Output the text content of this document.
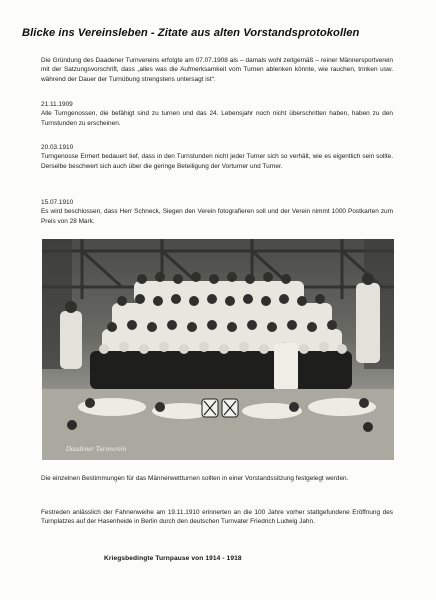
Blicke ins Vereinsleben - Zitate aus alten Vorstandsprotokollen
Die Gründung des Daadener Turnvereins erfolgte am 07.07.1908 als – damals wohl zeitgemäß – reiner Männersportverein mit der Satzungsvorschrift, dass „alles was die Aufmerksamkeit vom Turnen ablenken könnte, wie rauchen, trinken usw. während der Dauer der Turnübung strengstens untersagt ist“.
21.11.1909
Alle Turngenossen, die befähigt sind zu turnen und das 24. Lebensjahr noch nicht überschritten haben, haben zu den Turnstunden zu erscheinen.
20.03.1910
Turngenosse Ermert bedauert tief, dass in den Turnstunden nicht jeder Turner sich so verhält, wie es eigentlich sein sollte. Derselbe beschwert sich auch über die geringe Beteiligung der Vorturner und Turner.
15.07.1910
Es wird beschlossen, dass Herr Schneck, Siegen den Verein fotografieren soll und der Verein nimmt 1000 Postkarten zum Preis von 28 Mark.
Daadener Turnverein
Die einzelnen Bestimmungen für das Männerwettturnen sollten in einer Vorstandssitzung festgelegt werden.
Festreden anlässlich der Fahnenweihe am 19.11.1910 erinnerten an die 100 Jahre vorher stattgefundene Eröffnung des Turnplatzes auf der Hasenheide in Berlin durch den deutschen Turnvater Friedrich Ludwig Jahn.
Kriegsbedingte Turnpause von 1914 - 1918
